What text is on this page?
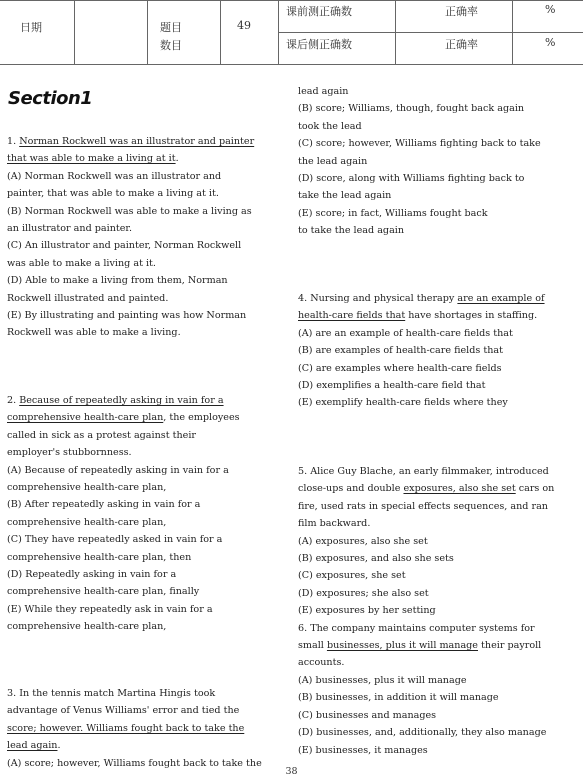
日期	题目
数目
49
课前测正确数
课后侧正确数
正确率
正确率
%
%
Section1

1. Norman Rockwell was an illustrator and painter that was able to make a living at it.

(A) Norman Rockwell was an illustrator and painter, that was able to make a living at it.

(B) Norman Rockwell was able to make a living as an illustrator and painter.

(C) An illustrator and painter, Norman Rockwell was able to make a living at it.

(D) Able to make a living from them, Norman Rockwell illustrated and painted.

(E) By illustrating and painting was how Norman Rockwell was able to make a living.

2. Because of repeatedly asking in vain for a comprehensive health-care plan, the employees called in sick as a protest against their employer's stubbornness.

(A) Because of repeatedly asking in vain for a comprehensive health-care plan,

(B) After repeatedly asking in vain for a comprehensive health-care plan,

(C) They have repeatedly asked in vain for a comprehensive health-care plan, then

(D) Repeatedly asking in vain for a comprehensive health-care plan, finally

(E) While they repeatedly ask in vain for a comprehensive health-care plan,

3. In the tennis match Martina Hingis took advantage of Venus Williams' error and tied the score; however. Williams fought back to take the lead again.

(A) score; however, Williams fought back to take the

lead again

(B) score; Williams, though, fought back again took the lead

(C) score; however, Williams fighting back to take the lead again

(D) score, along with Williams fighting back to take the lead again

(E) score; in fact, Williams fought back

to take the lead again

4. Nursing and physical therapy are an example of health-care fields that have shortages in staffing.

(A) are an example of health-care fields that

(B) are examples of health-care fields that

(C) are examples where health-care fields

(D) exemplifies a health-care field that

(E) exemplify health-care fields where they

5. Alice Guy Blache, an early filmmaker, introduced close-ups and double exposures, also she set cars on fire, used rats in special effects sequences, and ran film backward.

(A) exposures, also she set

(B) exposures, and also she sets

(C) exposures, she set

(D) exposures; she also set

(E) exposures by her setting

6. The company maintains computer systems for small businesses, plus it will manage their payroll accounts.

(A) businesses, plus it will manage

(B) businesses, in addition it will manage

(C) businesses and manages

(D) businesses, and, additionally, they also manage

(E) businesses, it manages

38
